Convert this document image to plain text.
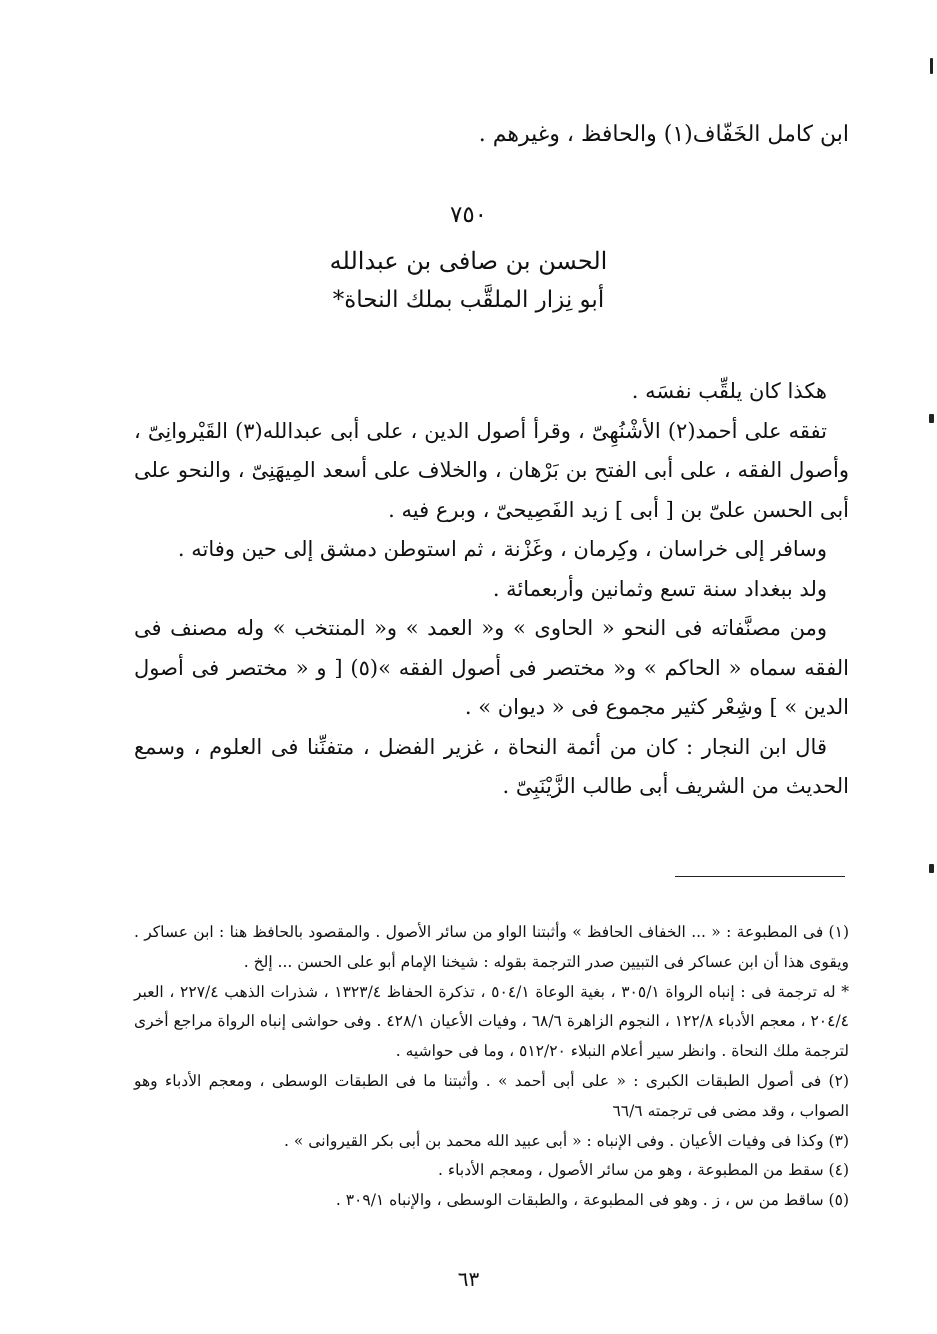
ابن كامل الخَفّاف(١) والحافظ ، وغيرهم .
٧٥٠
الحسن بن صافى بن عبدالله
أبو نِزار الملقَّب بملك النحاة*

هكذا كان يلقِّب نفسَه .

تفقه على أحمد(٢) الأشْنُهِىّ ، وقرأ أصول الدين ، على أبى عبدالله(٣) القَيْروانِىّ ، وأصول الفقه ، على أبى الفتح بن بَرْهان ، والخلاف على أسعد المِيهَنِىّ ، والنحو على أبى الحسن علىّ بن [ أبى ] زيد الفَصِيحىّ ، وبرع فيه .

وسافر إلى خراسان ، وكِرمان ، وغَزْنة ، ثم استوطن دمشق إلى حين وفاته .

ولد ببغداد سنة تسع وثمانين وأربعمائة .

ومن مصنَّفاته فى النحو « الحاوى » و« العمد » و« المنتخب » وله مصنف فى الفقه سماه « الحاكم » و« مختصر فى أصول الفقه »(٥) [ و « مختصر فى أصول الدين » ] وشِعْر كثير مجموع فى « ديوان » .

قال ابن النجار : كان من أئمة النحاة ، غزير الفضل ، متفنِّنا فى العلوم ، وسمع الحديث من الشريف أبى طالب الزَّيْنَبِىّ .

(١) فى المطبوعة : « ... الخفاف الحافظ » وأثبتنا الواو من سائر الأصول . والمقصود بالحافظ هنا : ابن عساكر . ويقوى هذا أن ابن عساكر فى التبيين صدر الترجمة بقوله : شيخنا الإمام أبو على الحسن ... إلخ .

* له ترجمة فى : إنباه الرواة ٣٠٥/١ ، بغية الوعاة ٥٠٤/١ ، تذكرة الحفاظ ١٣٢٣/٤ ، شذرات الذهب ٢٢٧/٤ ، العبر ٢٠٤/٤ ، معجم الأدباء ١٢٢/٨ ، النجوم الزاهرة ٦٨/٦ ، وفيات الأعيان ٤٢٨/١ . وفى حواشى إنباه الرواة مراجع أخرى لترجمة ملك النحاة . وانظر سير أعلام النبلاء ٥١٢/٢٠ ، وما فى حواشيه .

(٢) فى أصول الطبقات الكبرى : « على أبى أحمد » . وأثبتنا ما فى الطبقات الوسطى ، ومعجم الأدباء وهو الصواب ، وقد مضى فى ترجمته ٦٦/٦

(٣) وكذا فى وفيات الأعيان . وفى الإنباه : « أبى عبيد الله محمد بن أبى بكر القيروانى » .

(٤) سقط من المطبوعة ، وهو من سائر الأصول ، ومعجم الأدباء .

(٥) ساقط من س ، ز . وهو فى المطبوعة ، والطبقات الوسطى ، والإنباه ٣٠٩/١ .

٦٣
